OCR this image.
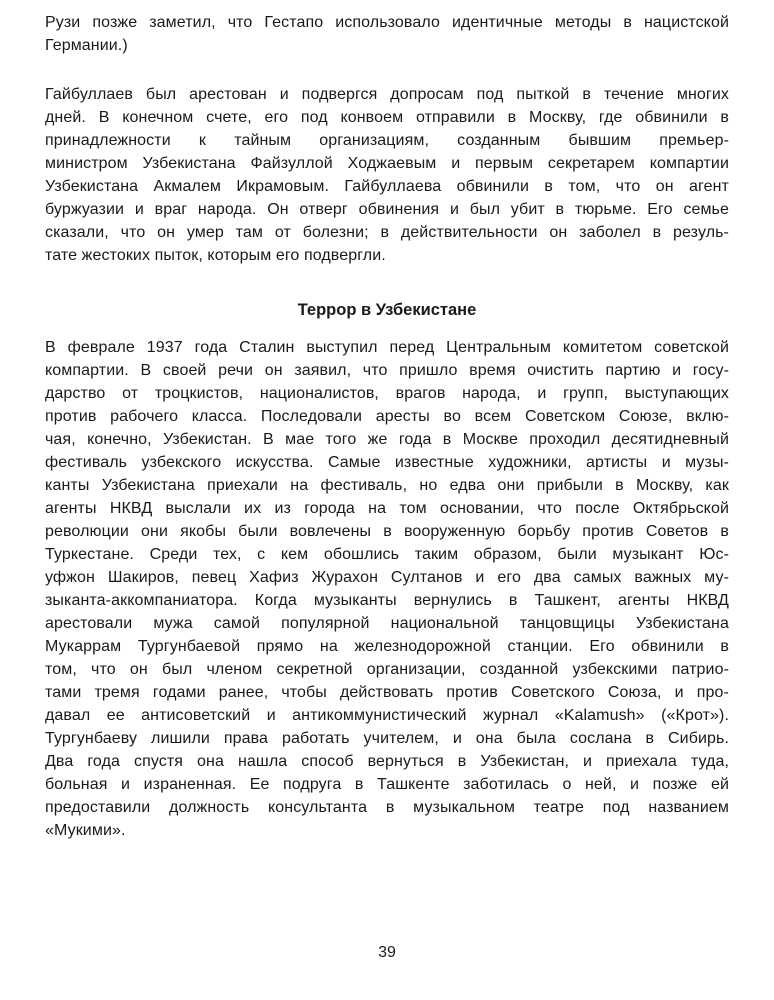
Рузи позже заметил, что Гестапо использовало идентичные методы в нацистской
Германии.)
Гайбуллаев был арестован и подвергся допросам под пыткой в течение многих
дней. В конечном счете, его под конвоем отправили в Москву, где обвинили в
принадлежности к тайным организациям, созданным бывшим премьер-
министром Узбекистана Файзуллой Ходжаевым и первым секретарем компартии
Узбекистана Акмалем Икрамовым. Гайбуллаева обвинили в том, что он агент
буржуазии и враг народа. Он отверг обвинения и был убит в тюрьме. Его семье
сказали, что он умер там от болезни; в действительности он заболел в резуль-
тате жестоких пыток, которым его подвергли.
Террор в Узбекистане
В феврале 1937 года Сталин выступил перед Центральным комитетом советской
компартии. В своей речи он заявил, что пришло время очистить партию и госу-
дарство от троцкистов, националистов, врагов народа, и групп, выступающих
против рабочего класса. Последовали аресты во всем Советском Союзе, вклю-
чая, конечно, Узбекистан. В мае того же года в Москве проходил десятидневный
фестиваль узбекского искусства. Самые известные художники, артисты и музы-
канты Узбекистана приехали на фестиваль, но едва они прибыли в Москву, как
агенты НКВД выслали их из города на том основании, что после Октябрьской
революции они якобы были вовлечены в вооруженную борьбу против Советов в
Туркестане. Среди тех, с кем обошлись таким образом, были музыкант Юс-
уфжон Шакиров, певец Хафиз Журахон Султанов и его два самых важных му-
зыканта-аккомпаниатора. Когда музыканты вернулись в Ташкент, агенты НКВД
арестовали мужа самой популярной национальной танцовщицы Узбекистана
Мукаррам Тургунбаевой прямо на железнодорожной станции. Его обвинили в
том, что он был членом секретной организации, созданной узбекскими патрио-
тами тремя годами ранее, чтобы действовать против Советского Союза, и про-
давал ее антисоветский и антикоммунистический журнал «Kalamush» («Крот»).
Тургунбаеву лишили права работать учителем, и она была сослана в Сибирь.
Два года спустя она нашла способ вернуться в Узбекистан, и приехала туда,
больная и израненная. Ее подруга в Ташкенте заботилась о ней, и позже ей
предоставили должность консультанта в музыкальном театре под названием
«Мукими».
39
